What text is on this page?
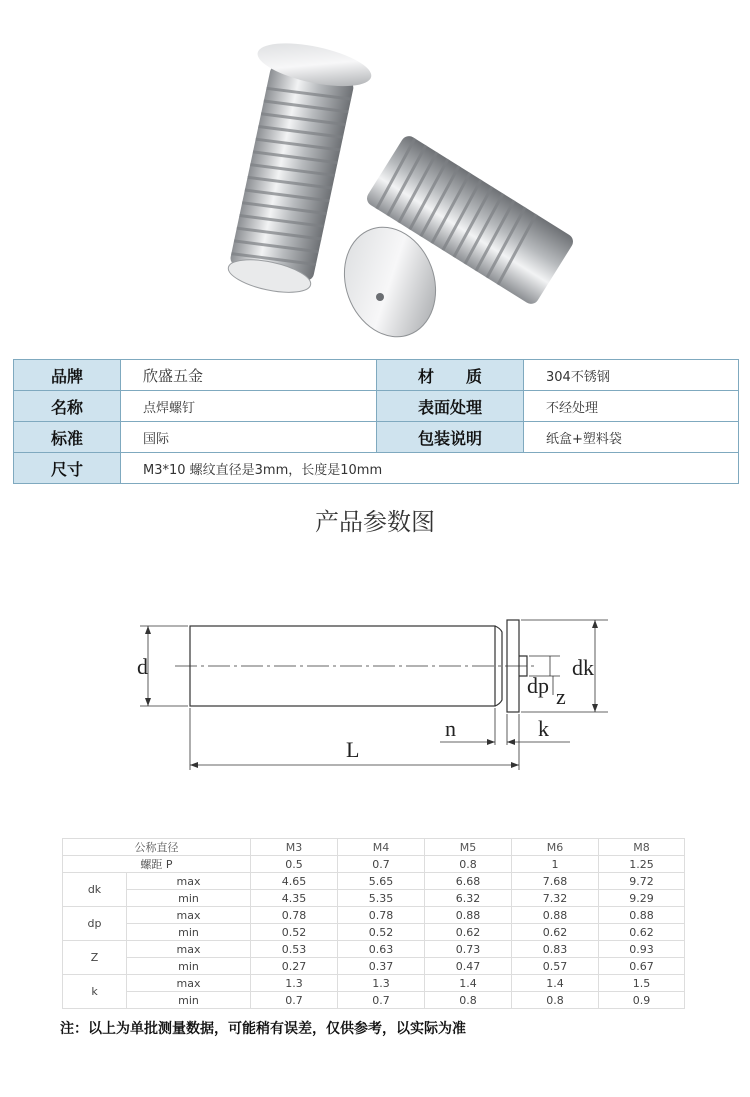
品牌	欣盛五金	材　　质	304不锈钢
名称	点焊螺钉	表面处理	不经处理
标准	国际	包装说明	纸盒+塑料袋
尺寸	M3*10 螺纹直径是3mm，长度是10mm		
产品参数图
d	dk
dp z
n	k
L
公称直径		M3	M4	M5	M6	M8
螺距 P		0.5	0.7	0.8	1	1.25
dk	max	4.65	5.65	6.68	7.68	9.72
	min	4.35	5.35	6.32	7.32	9.29
dp	max	0.78	0.78	0.88	0.88	0.88
	min	0.52	0.52	0.62	0.62	0.62
Z	max	0.53	0.63	0.73	0.83	0.93
	min	0.27	0.37	0.47	0.57	0.67
k	max	1.3	1.3	1.4	1.4	1.5
	min	0.7	0.7	0.8	0.8	0.9
注：以上为单批测量数据，可能稍有误差，仅供参考，以实际为准
